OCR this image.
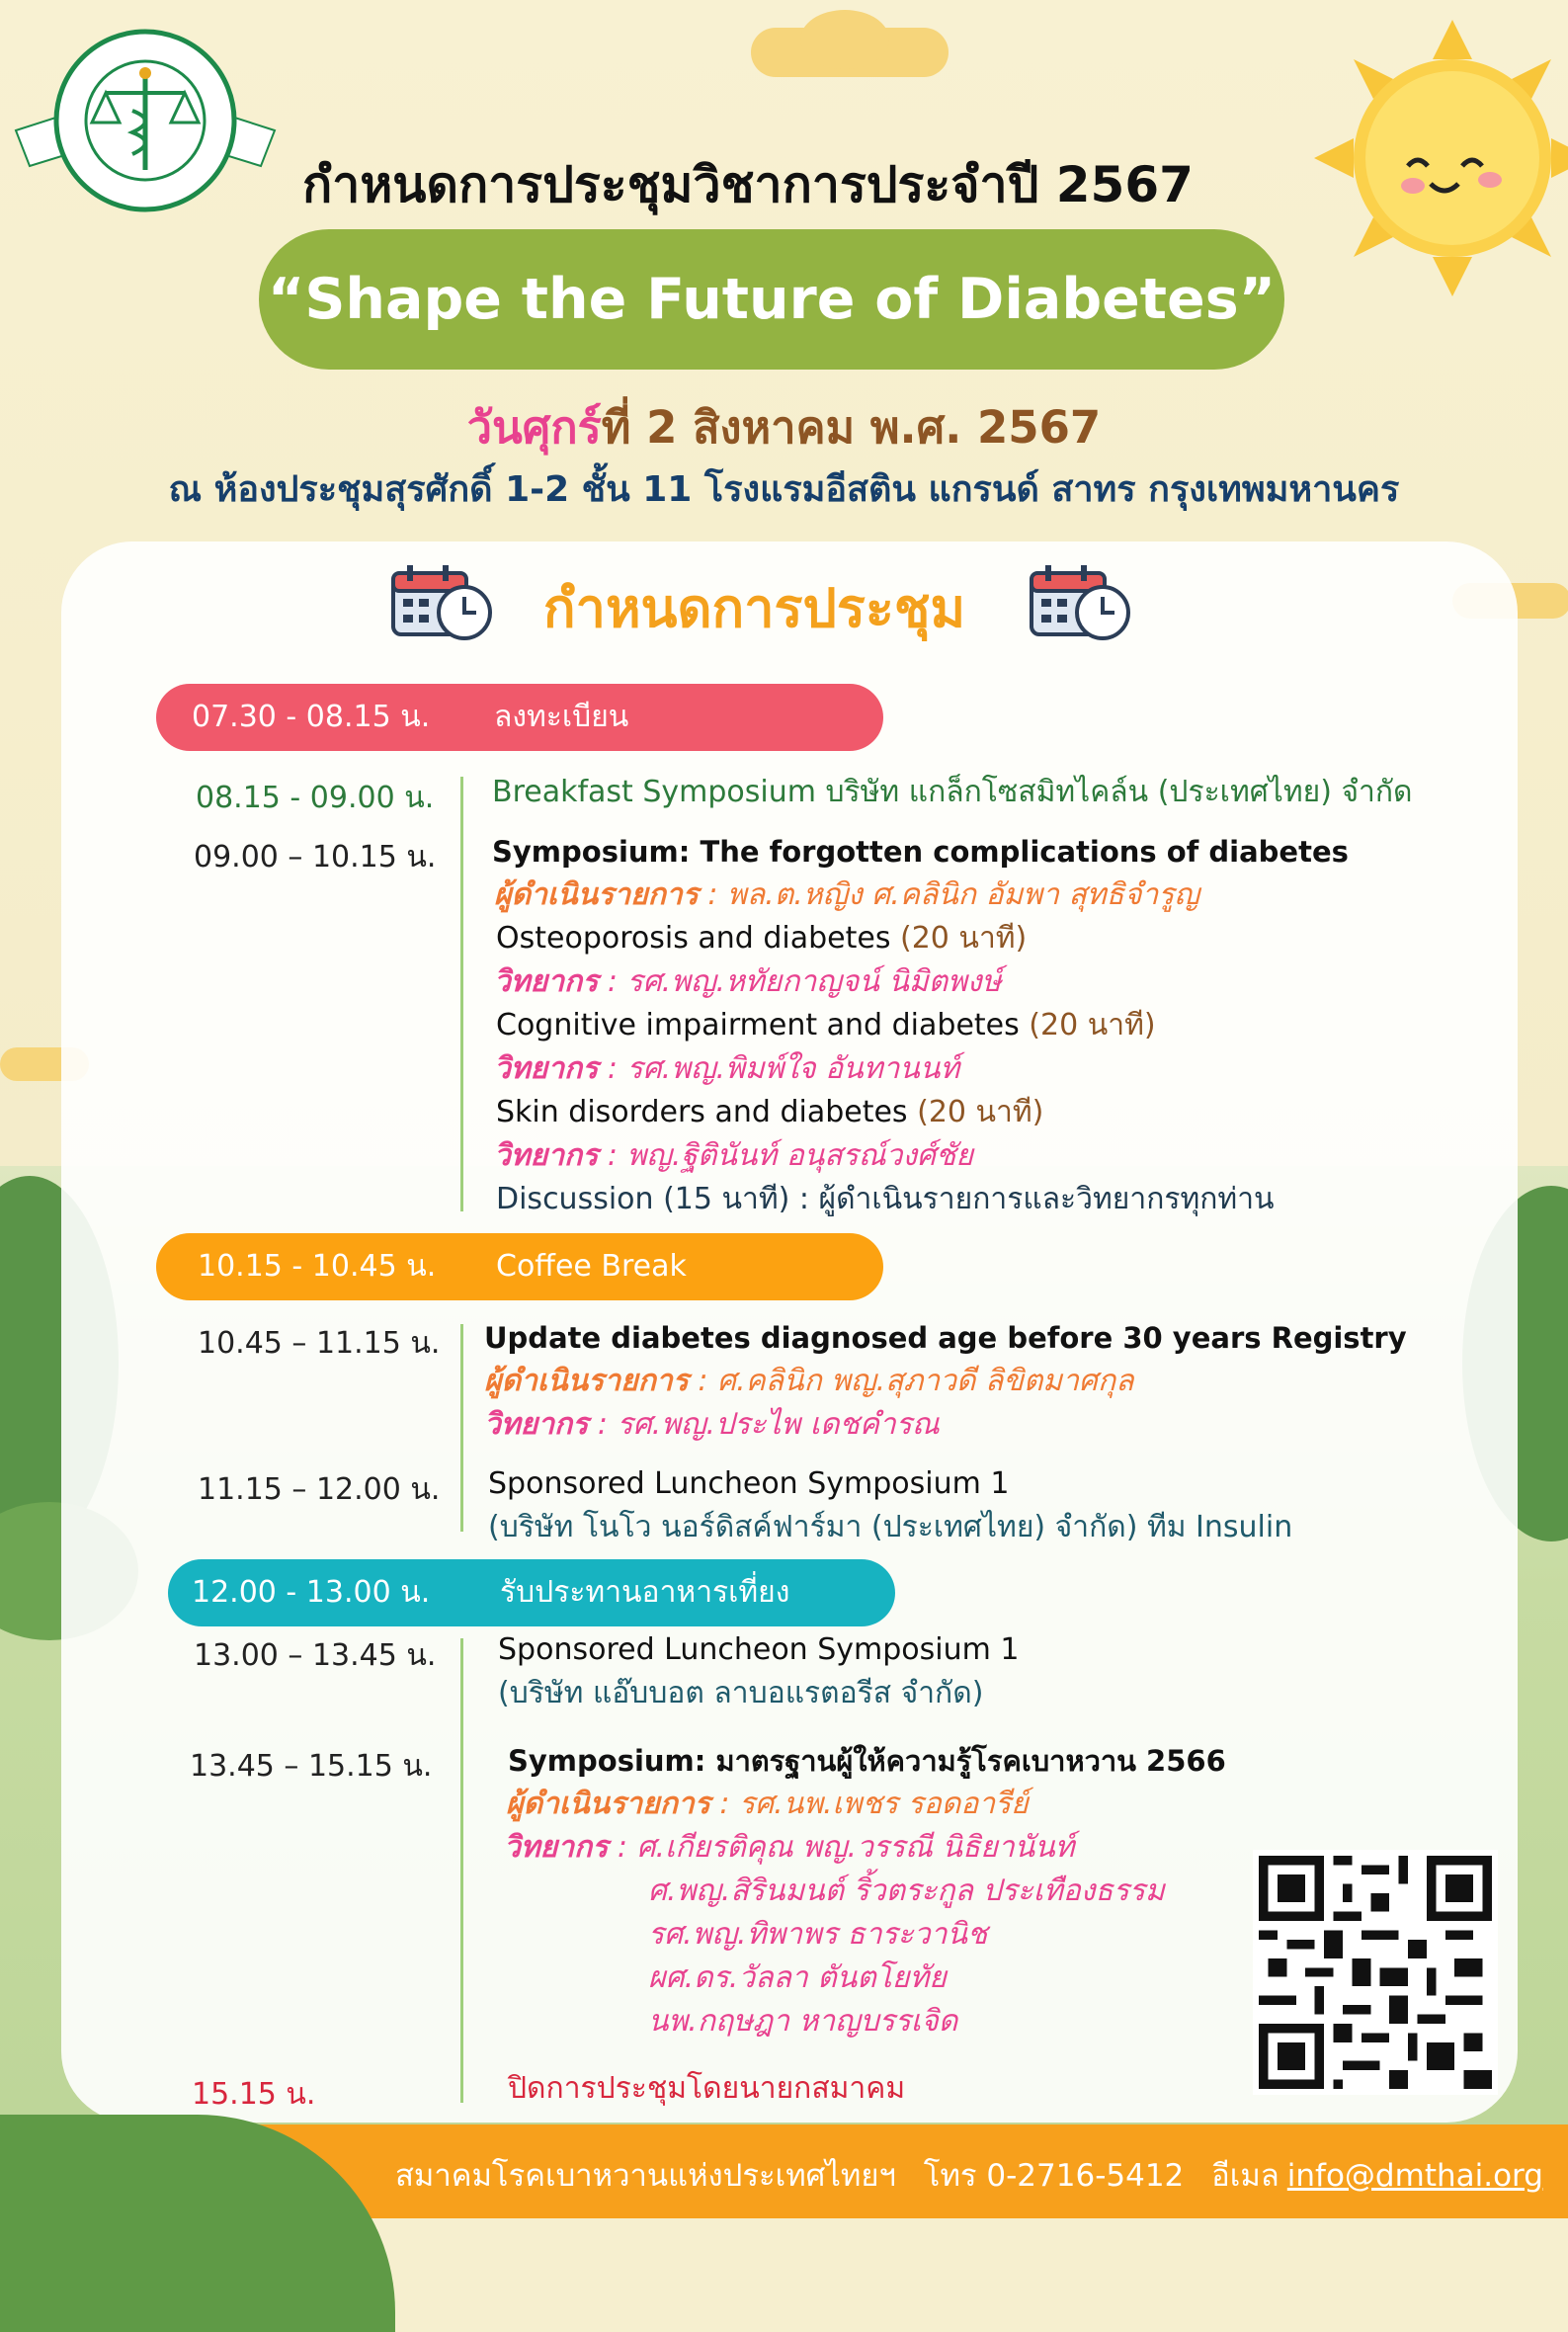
กำหนดการประชุมวิชาการประจำปี 2567
“Shape the Future of Diabetes”
วันศุกร์ที่ 2 สิงหาคม พ.ศ. 2567
ณ ห้องประชุมสุรศักดิ์ 1-2 ชั้น 11 โรงแรมอีสติน แกรนด์ สาทร กรุงเทพมหานคร
กำหนดการประชุม
07.30 - 08.15 น. ลงทะเบียน
08.15 - 09.00 น. Breakfast Symposium บริษัท แกล็กโซสมิทไคล์น (ประเทศไทย) จำกัด
09.00 – 10.15 น. Symposium: The forgotten complications of diabetes
ผู้ดำเนินรายการ : พล.ต.หญิง ศ.คลินิก อัมพา สุทธิจำรูญ
Osteoporosis and diabetes (20 นาที)
วิทยากร : รศ.พญ.หทัยกาญจน์ นิมิตพงษ์
Cognitive impairment and diabetes (20 นาที)
วิทยากร : รศ.พญ.พิมพ์ใจ อันทานนท์
Skin disorders and diabetes (20 นาที)
วิทยากร : พญ.ฐิตินันท์ อนุสรณ์วงศ์ชัย
Discussion (15 นาที) : ผู้ดำเนินรายการและวิทยากรทุกท่าน
10.15 - 10.45 น. Coffee Break
10.45 – 11.15 น. Update diabetes diagnosed age before 30 years Registry
ผู้ดำเนินรายการ : ศ.คลินิก พญ.สุภาวดี ลิขิตมาศกุล
วิทยากร : รศ.พญ.ประไพ เดชคำรณ
11.15 – 12.00 น. Sponsored Luncheon Symposium 1
(บริษัท โนโว นอร์ดิสค์ฟาร์มา (ประเทศไทย) จำกัด) ทีม Insulin
12.00 - 13.00 น. รับประทานอาหารเที่ยง
13.00 – 13.45 น. Sponsored Luncheon Symposium 1
(บริษัท แอ๊บบอต ลาบอแรตอรีส จำกัด)
13.45 – 15.15 น.	Symposium: มาตรฐานผู้ให้ความรู้โรคเบาหวาน 2566
ผู้ดำเนินรายการ : รศ.นพ.เพชร รอดอารีย์
วิทยากร : ศ.เกียรติคุณ พญ.วรรณี นิธิยานันท์
ศ.พญ.สิรินมนต์ ริ้วตระกูล ประเทืองธรรม
รศ.พญ.ทิพาพร ธาระวานิช
ผศ.ดร.วัลลา ตันตโยทัย
นพ.กฤษฎา หาญบรรเจิด
15.15 น.	ปิดการประชุมโดยนายกสมาคม
สมาคมโรคเบาหวานแห่งประเทศไทยฯ โทร 0-2716-5412 อีเมล info@dmthai.org
